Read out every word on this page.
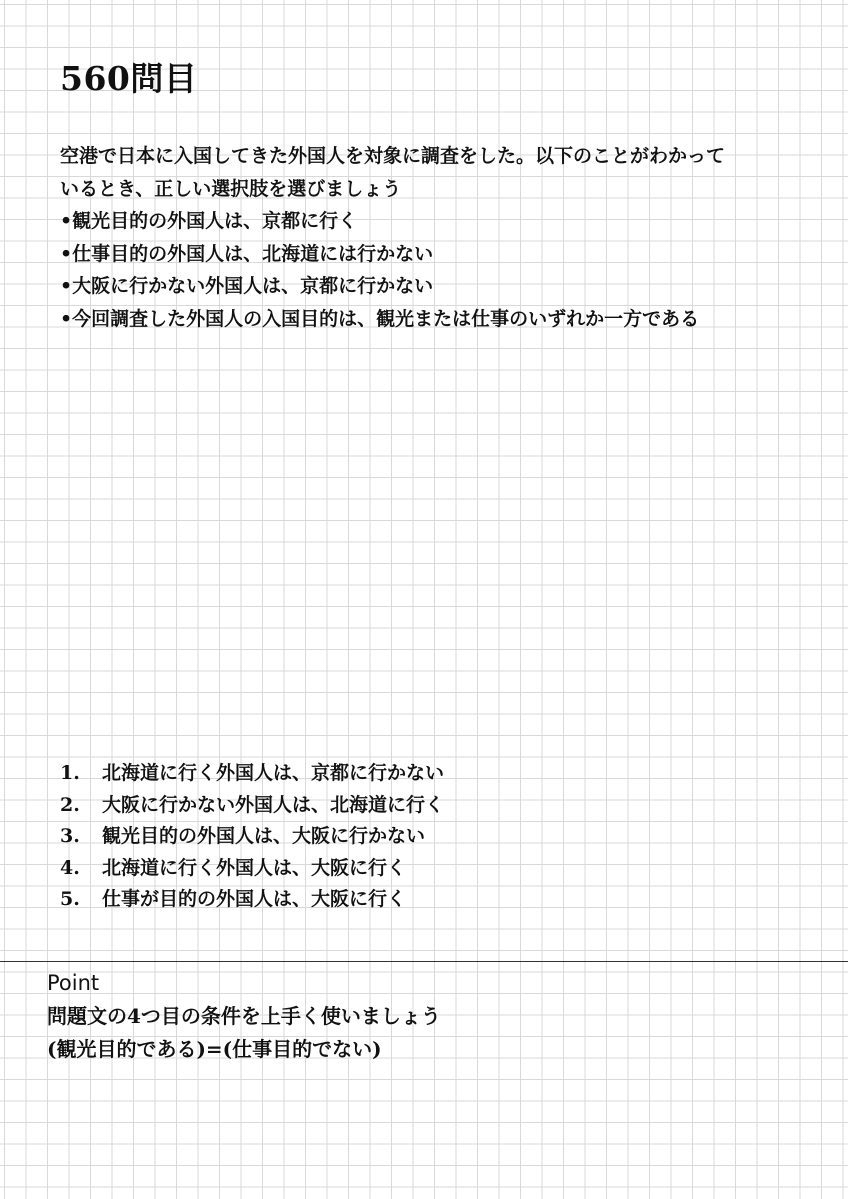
560問目
空港で日本に入国してきた外国人を対象に調査をした。以下のことがわかって
いるとき、正しい選択肢を選びましょう
•観光目的の外国人は、京都に行く
•仕事目的の外国人は、北海道には行かない
•大阪に行かない外国人は、京都に行かない
•今回調査した外国人の入国目的は、観光または仕事のいずれか一方である
1.	北海道に行く外国人は、京都に行かない
2.	大阪に行かない外国人は、北海道に行く
3.	観光目的の外国人は、大阪に行かない
4.	北海道に行く外国人は、大阪に行く
5.	仕事が目的の外国人は、大阪に行く
Point
問題文の4つ目の条件を上手く使いましょう
(観光目的である)=(仕事目的でない)
